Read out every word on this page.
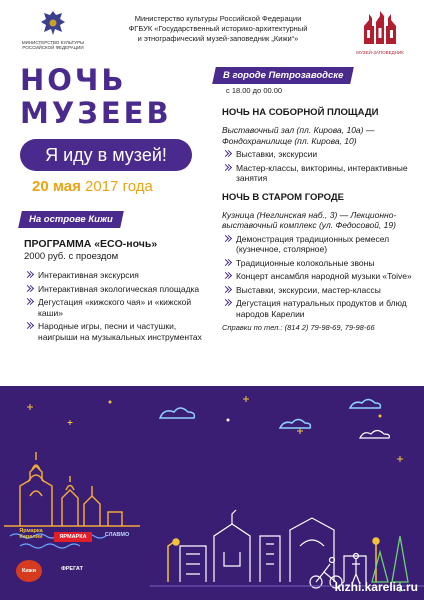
МИНИСТЕРСТВО КУЛЬТУРЫ РОССИЙСКОЙ ФЕДЕРАЦИИ
Министерство культуры Российской Федерации
ФГБУК «Государственный историко-архитектурный
и этнографический музей-заповедник „Кижи“»
МУЗЕЙ-ЗАПОВЕДНИК
НОЧЬ
МУЗЕЕВ
Я иду в музей!
20 мая 2017 года
На острове Кижи
ПРОГРАММА «ECO-ночь»
2000 руб. с проездом
Интерактивная экскурсия
Интерактивная экологическая площадка
Дегустация «кижского чая» и «кижской каши»
Народные игры, песни и частушки, наигрыши на музыкальных инструментах
В городе Петрозаводске
с 18.00 до 00.00
НОЧЬ НА СОБОРНОЙ ПЛОЩАДИ
Выставочный зал (пл. Кирова, 10а) — Фондохранилище (пл. Кирова, 10)
Выставки, экскурсии
Мастер-классы, викторины, интерактивные занятия
НОЧЬ В СТАРОМ ГОРОДЕ
Кузница (Неглинская наб., 3) — Лекционно-выставочный комплекс (ул. Федосовой, 19)
Демонстрация традиционных ремесел (кузнечное, столярное)
Традиционные колокольные звоны
Концерт ансамбля народной музыки «Toive»
Выставки, экскурсии, мастер-классы
Дегустация натуральных продуктов и блюд народов Карелии
Справки по тел.: (814 2) 79-98-69, 79-98-66
Ярмарка Карелии	ЯРМАРКА	СЛАВМО
Кижи	ФРЕГАТ
kizhi.karelia.ru
